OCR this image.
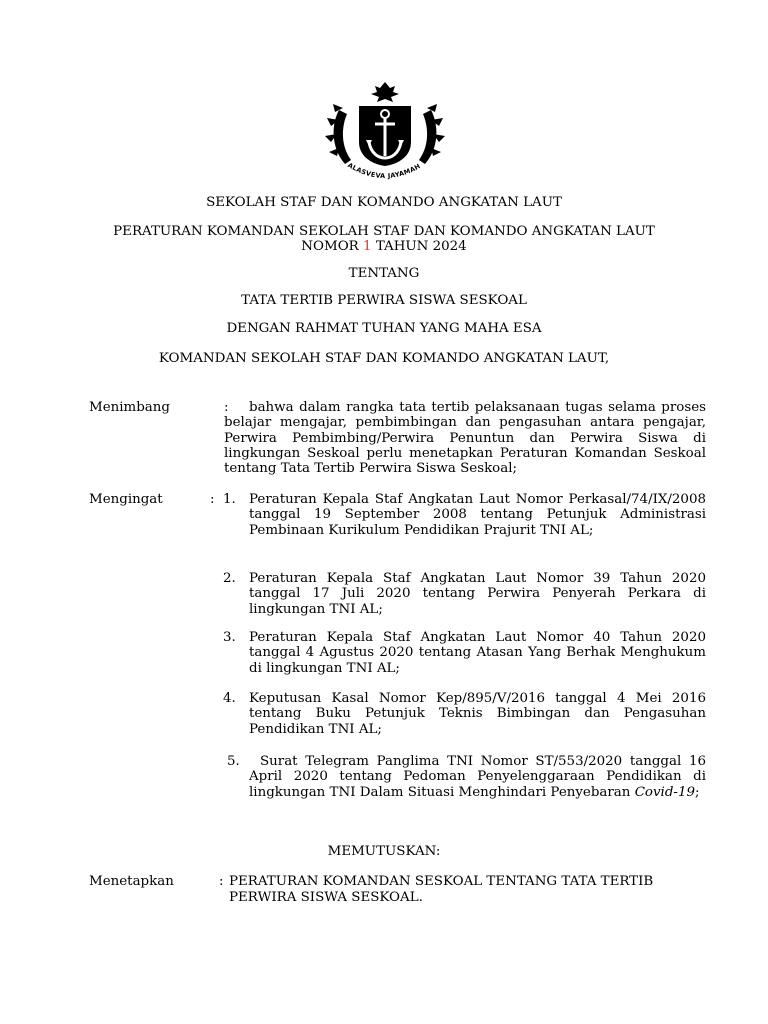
ALASVEVA JAYAMAH
SEKOLAH STAF DAN KOMANDO ANGKATAN LAUT
PERATURAN KOMANDAN SEKOLAH STAF DAN KOMANDO ANGKATAN LAUT
NOMOR 1 TAHUN 2024
TENTANG
TATA TERTIB PERWIRA SISWA SESKOAL
DENGAN RAHMAT TUHAN YANG MAHA ESA
KOMANDAN SEKOLAH STAF DAN KOMANDO ANGKATAN LAUT,
Menimbang	:	bahwa dalam rangka tata tertib pelaksanaan tugas selama proses belajar mengajar, pembimbingan dan pengasuhan antara pengajar, Perwira Pembimbing/Perwira Penuntun dan Perwira Siswa di lingkungan Seskoal perlu menetapkan Peraturan Komandan Seskoal tentang Tata Tertib Perwira Siswa Seskoal;
Mengingat	: 1. Peraturan Kepala Staf Angkatan Laut Nomor Perkasal/74/IX/2008 tanggal 19 September 2008 tentang Petunjuk Administrasi Pembinaan Kurikulum Pendidikan Prajurit TNI AL;
2. Peraturan Kepala Staf Angkatan Laut Nomor 39 Tahun 2020 tanggal 17 Juli 2020 tentang Perwira Penyerah Perkara di lingkungan TNI AL;
3. Peraturan Kepala Staf Angkatan Laut Nomor 40 Tahun 2020 tanggal 4 Agustus 2020 tentang Atasan Yang Berhak Menghukum di lingkungan TNI AL;
4. Keputusan Kasal Nomor Kep/895/V/2016 tanggal 4 Mei 2016 tentang Buku Petunjuk Teknis Bimbingan dan Pengasuhan Pendidikan TNI AL;
5.	Surat Telegram Panglima TNI Nomor ST/553/2020 tanggal 16 April 2020 tentang Pedoman Penyelenggaraan Pendidikan di lingkungan TNI Dalam Situasi Menghindari Penyebaran Covid-19;
MEMUTUSKAN:
Menetapkan	: PERATURAN KOMANDAN SESKOAL TENTANG TATA TERTIB
PERWIRA SISWA SESKOAL.
